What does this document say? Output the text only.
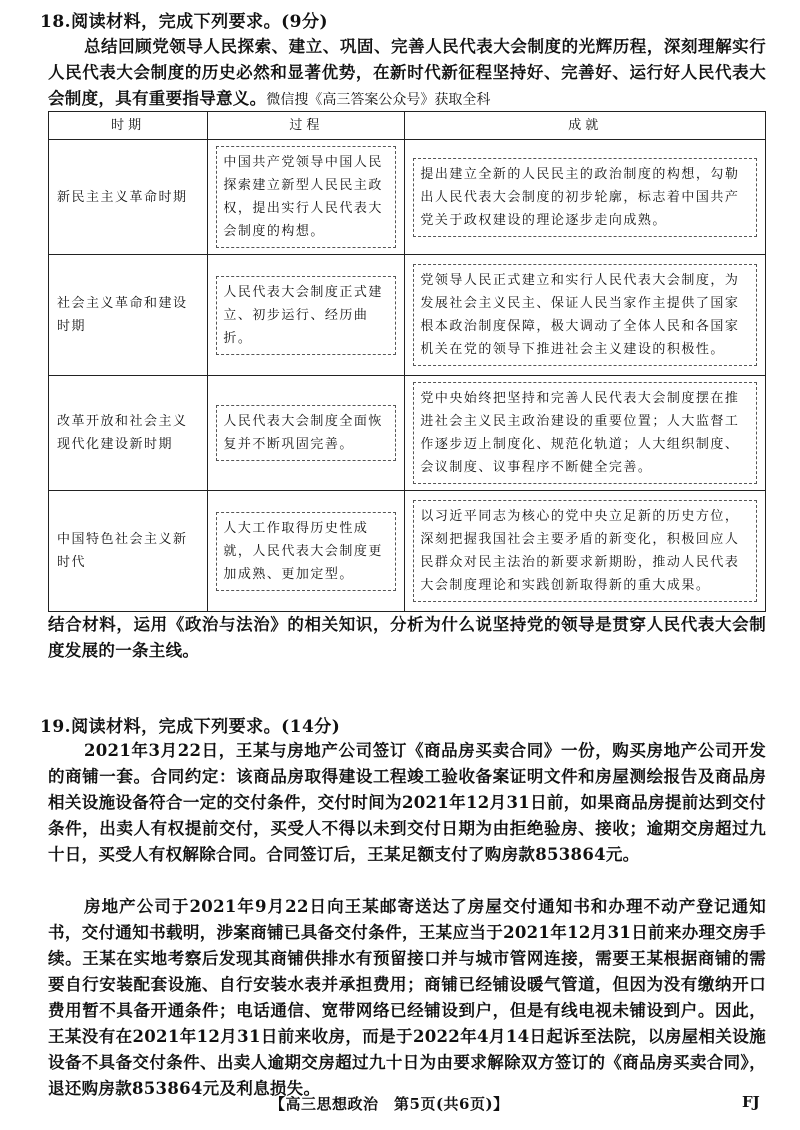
18.阅读材料，完成下列要求。(9分)
总结回顾党领导人民探索、建立、巩固、完善人民代表大会制度的光辉历程，深刻理解实行人民代表大会制度的历史必然和显著优势，在新时代新征程坚持好、完善好、运行好人民代表大会制度，具有重要指导意义。微信搜《高三答案公众号》获取全科
时期	过程	成就
新民主主义革命时期	中国共产党领导中国人民探索建立新型人民民主政权，提出实行人民代表大会制度的构想。	提出建立全新的人民民主的政治制度的构想，勾勒出人民代表大会制度的初步轮廓，标志着中国共产党关于政权建设的理论逐步走向成熟。

社会主义革命和建设时期	人民代表大会制度正式建立、初步运行、经历曲折。	党领导人民正式建立和实行人民代表大会制度，为发展社会主义民主、保证人民当家作主提供了国家根本政治制度保障，极大调动了全体人民和各国家机关在党的领导下推进社会主义建设的积极性。

改革开放和社会主义现代化建设新时期	人民代表大会制度全面恢复并不断巩固完善。	党中央始终把坚持和完善人民代表大会制度摆在推进社会主义民主政治建设的重要位置；人大监督工作逐步迈上制度化、规范化轨道；人大组织制度、会议制度、议事程序不断健全完善。

中国特色社会主义新时代	人大工作取得历史性成就，人民代表大会制度更加成熟、更加定型。	以习近平同志为核心的党中央立足新的历史方位，深刻把握我国社会主要矛盾的新变化，积极回应人民群众对民主法治的新要求新期盼，推动人民代表大会制度理论和实践创新取得新的重大成果。
结合材料，运用《政治与法治》的相关知识，分析为什么说坚持党的领导是贯穿人民代表大会制度发展的一条主线。
19.阅读材料，完成下列要求。(14分)
2021年3月22日，王某与房地产公司签订《商品房买卖合同》一份，购买房地产公司开发的商铺一套。合同约定：该商品房取得建设工程竣工验收备案证明文件和房屋测绘报告及商品房相关设施设备符合一定的交付条件，交付时间为2021年12月31日前，如果商品房提前达到交付条件，出卖人有权提前交付，买受人不得以未到交付日期为由拒绝验房、接收；逾期交房超过九十日，买受人有权解除合同。合同签订后，王某足额支付了购房款853864元。
房地产公司于2021年9月22日向王某邮寄送达了房屋交付通知书和办理不动产登记通知书，交付通知书载明，涉案商铺已具备交付条件，王某应当于2021年12月31日前来办理交房手续。王某在实地考察后发现其商铺供排水有预留接口并与城市管网连接，需要王某根据商铺的需要自行安装配套设施、自行安装水表并承担费用；商铺已经铺设暖气管道，但因为没有缴纳开口费用暂不具备开通条件；电话通信、宽带网络已经铺设到户，但是有线电视未铺设到户。因此，王某没有在2021年12月31日前来收房，而是于2022年4月14日起诉至法院，以房屋相关设施设备不具备交付条件、出卖人逾期交房超过九十日为由要求解除双方签订的《商品房买卖合同》，退还购房款853864元及利息损失。
【高三思想政治　第5页(共6页)】	FJ
